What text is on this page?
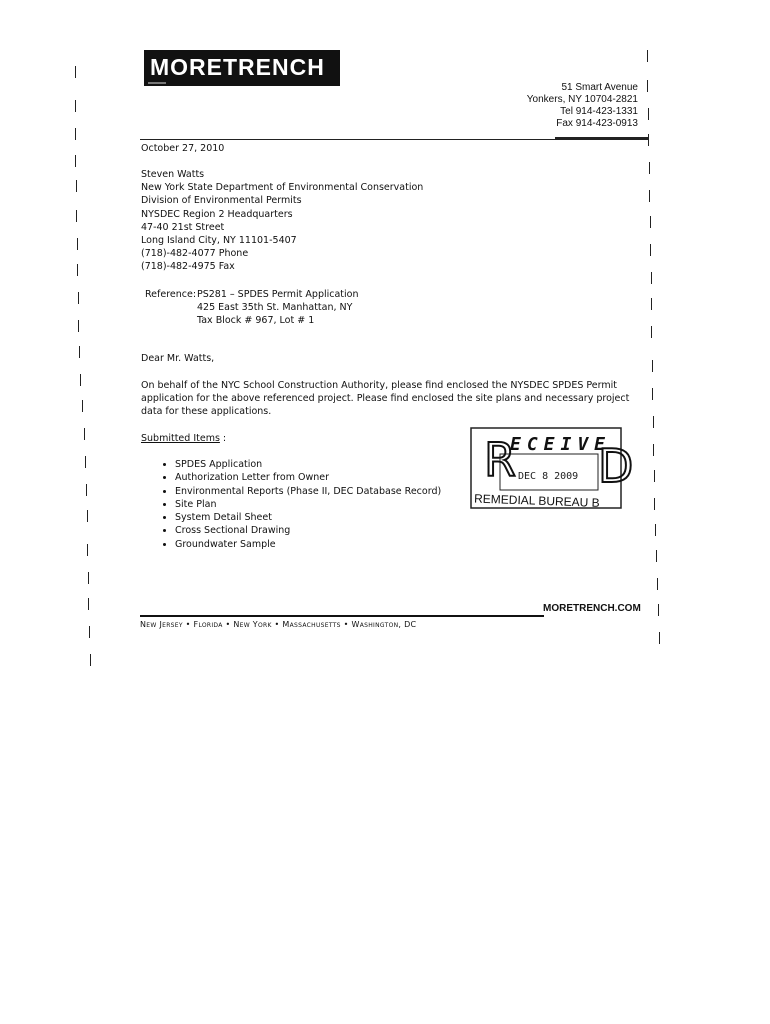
MORETRENCH
51 Smart Avenue
Yonkers, NY 10704-2821
Tel 914-423-1331
Fax 914-423-0913
October 27, 2010
Steven Watts
New York State Department of Environmental Conservation
Division of Environmental Permits
NYSDEC Region 2 Headquarters
47-40 21st Street
Long Island City, NY 11101-5407
(718)-482-4077 Phone
(718)-482-4975 Fax
Reference: PS281 – SPDES Permit Application
425 East 35th St. Manhattan, NY
Tax Block # 967, Lot # 1
Dear Mr. Watts,
On behalf of the NYC School Construction Authority, please find enclosed the NYSDEC SPDES Permit application for the above referenced project. Please find enclosed the site plans and necessary project data for these applications.
Submitted Items :
• SPDES Application
• Authorization Letter from Owner
• Environmental Reports (Phase II, DEC Database Record)
• Site Plan
• System Detail Sheet
• Cross Sectional Drawing
• Groundwater Sample
R D
ECEIVE
DEC 8 2009
REMEDIAL BUREAU B
MORETRENCH.COM
New Jersey • Florida • New York • Massachusetts • Washington, DC
